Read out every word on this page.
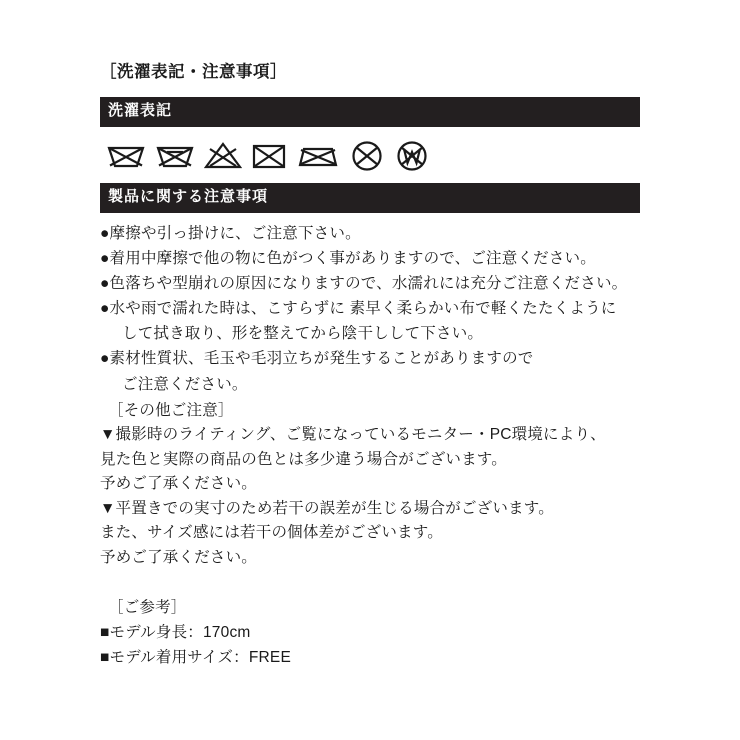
［洗濯表記・注意事項］
洗濯表記
製品に関する注意事項
●摩擦や引っ掛けに、ご注意下さい。
●着用中摩擦で他の物に色がつく事がありますので、ご注意ください。
●色落ちや型崩れの原因になりますので、水濡れには充分ご注意ください。
●水や雨で濡れた時は、こすらずに 素早く柔らかい布で軽くたたくように
して拭き取り、形を整えてから陰干しして下さい。
●素材性質状、毛玉や毛羽立ちが発生することがありますので
ご注意ください。
［その他ご注意］
▼撮影時のライティング、ご覧になっているモニター・PC環境により、
見た色と実際の商品の色とは多少違う場合がございます。
予めご了承ください。
▼平置きでの実寸のため若干の誤差が生じる場合がございます。
また、サイズ感には若干の個体差がございます。
予めご了承ください。
［ご参考］
■モデル身長：170cm
■モデル着用サイズ：FREE
